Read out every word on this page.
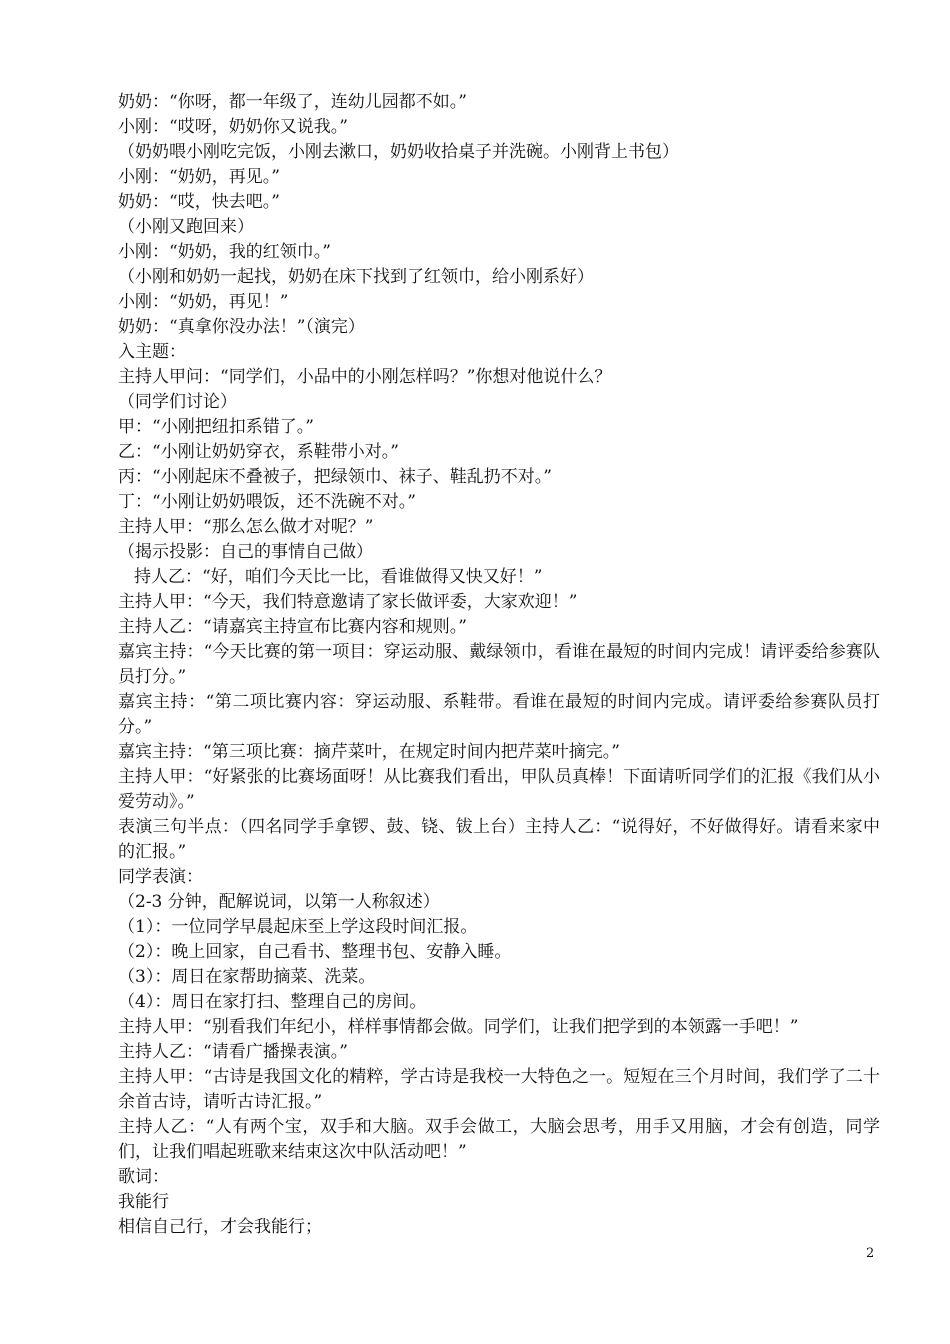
奶奶：“你呀，都一年级了，连幼儿园都不如。”
小刚：“哎呀，奶奶你又说我。”
（奶奶喂小刚吃完饭，小刚去漱口，奶奶收拾桌子并洗碗。小刚背上书包）
小刚：“奶奶，再见。”
奶奶：“哎，快去吧。”
（小刚又跑回来）
小刚：“奶奶，我的红领巾。”
（小刚和奶奶一起找，奶奶在床下找到了红领巾，给小刚系好）
小刚：“奶奶，再见！”
奶奶：“真拿你没办法！”（演完）
入主题：
主持人甲问：“同学们，小品中的小刚怎样吗？”你想对他说什么？
（同学们讨论）
甲：“小刚把纽扣系错了。”
乙：“小刚让奶奶穿衣，系鞋带小对。”
丙：“小刚起床不叠被子，把绿领巾、袜子、鞋乱扔不对。”
丁：“小刚让奶奶喂饭，还不洗碗不对。”
主持人甲：“那么怎么做才对呢？”
（揭示投影：自己的事情自己做）
持人乙：“好，咱们今天比一比，看谁做得又快又好！”
主持人甲：“今天，我们特意邀请了家长做评委，大家欢迎！”
主持人乙：“请嘉宾主持宣布比赛内容和规则。”
嘉宾主持：“今天比赛的第一项目：穿运动服、戴绿领巾，看谁在最短的时间内完成！请评委给参赛队员打分。”
嘉宾主持：“第二项比赛内容：穿运动服、系鞋带。看谁在最短的时间内完成。请评委给参赛队员打分。”
嘉宾主持：“第三项比赛：摘芹菜叶，在规定时间内把芹菜叶摘完。”
主持人甲：“好紧张的比赛场面呀！从比赛我们看出，甲队员真棒！下面请听同学们的汇报《我们从小爱劳动》。”
表演三句半点：（四名同学手拿锣、鼓、铙、钹上台）主持人乙：“说得好，不好做得好。请看来家中的汇报。”
同学表演：
（2-3 分钟，配解说词，以第一人称叙述）
（1）：一位同学早晨起床至上学这段时间汇报。
（2）：晚上回家，自己看书、整理书包、安静入睡。
（3）：周日在家帮助摘菜、洗菜。
（4）：周日在家打扫、整理自己的房间。
主持人甲：“别看我们年纪小，样样事情都会做。同学们，让我们把学到的本领露一手吧！”
主持人乙：“请看广播操表演。”
主持人甲：“古诗是我国文化的精粹，学古诗是我校一大特色之一。短短在三个月时间，我们学了二十余首古诗，请听古诗汇报。”
主持人乙：“人有两个宝，双手和大脑。双手会做工，大脑会思考，用手又用脑，才会有创造，同学们，让我们唱起班歌来结束这次中队活动吧！”
歌词：
我能行
相信自己行，才会我能行；
2
